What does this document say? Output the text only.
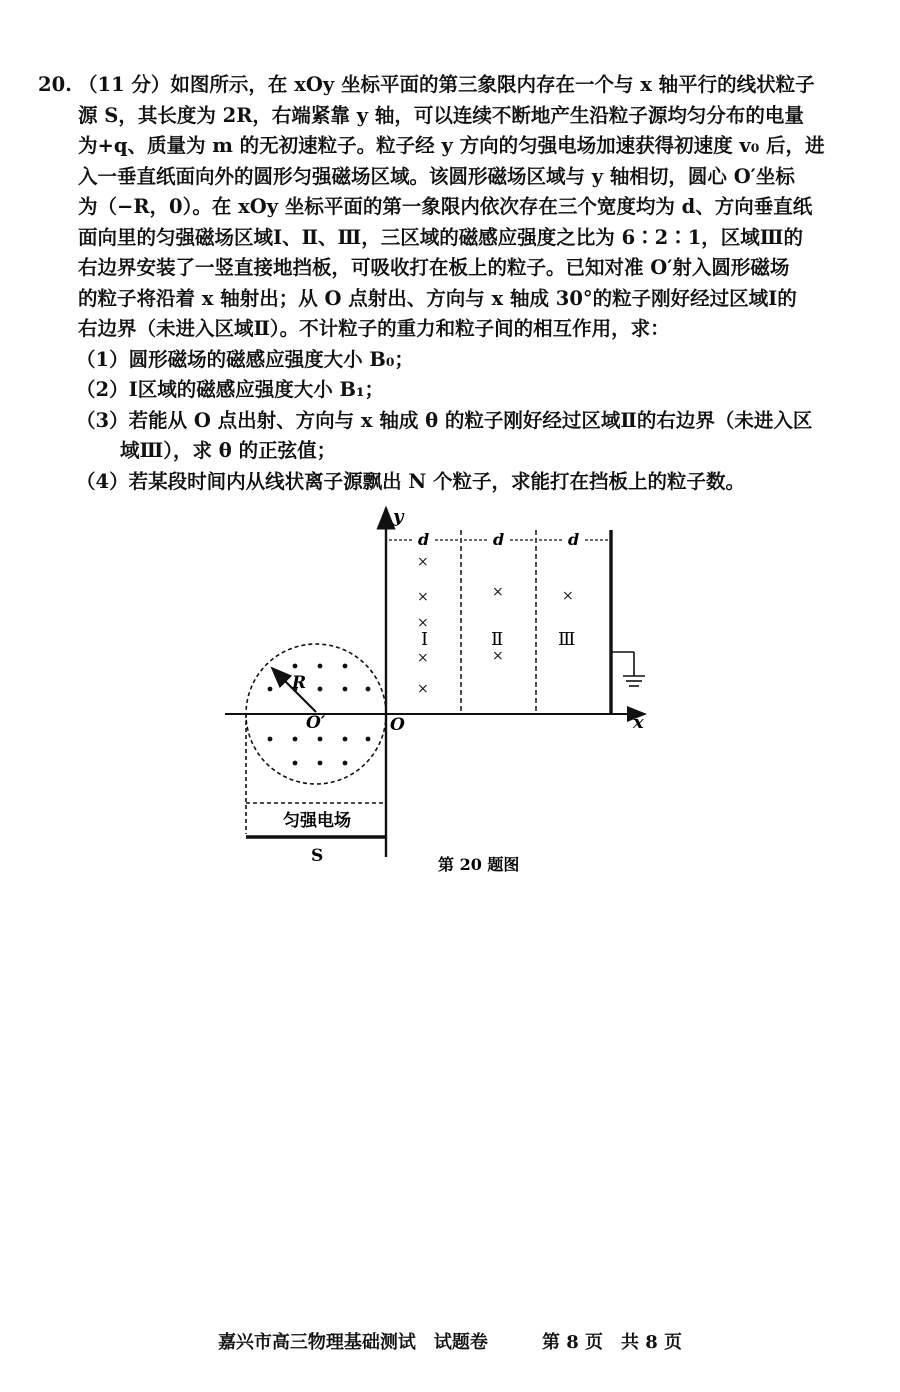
20. （11 分）如图所示，在 xOy 坐标平面的第三象限内存在一个与 x 轴平行的线状粒子
源 S，其长度为 2R，右端紧靠 y 轴，可以连续不断地产生沿粒子源均匀分布的电量
为+q、质量为 m 的无初速粒子。粒子经 y 方向的匀强电场加速获得初速度 v₀ 后，进
入一垂直纸面向外的圆形匀强磁场区域。该圆形磁场区域与 y 轴相切，圆心 O′坐标
为（−R，0）。在 xOy 坐标平面的第一象限内依次存在三个宽度均为 d、方向垂直纸
面向里的匀强磁场区域Ⅰ、Ⅱ、Ⅲ，三区域的磁感应强度之比为 6∶2∶1，区域Ⅲ的
右边界安装了一竖直接地挡板，可吸收打在板上的粒子。已知对准 O′射入圆形磁场
的粒子将沿着 x 轴射出；从 O 点射出、方向与 x 轴成 30°的粒子刚好经过区域Ⅰ的
右边界（未进入区域Ⅱ）。不计粒子的重力和粒子间的相互作用，求：
（1）圆形磁场的磁感应强度大小 B₀；
（2）Ⅰ区域的磁感应强度大小 B₁；
（3）若能从 O 点出射、方向与 x 轴成 θ 的粒子刚好经过区域Ⅱ的右边界（未进入区
域Ⅲ），求 θ 的正弦值；
（4）若某段时间内从线状离子源飘出 N 个粒子，求能打在挡板上的粒子数。
x
y
O
R
O′
匀强电场
S
d	d	d
Ⅰ	Ⅱ	Ⅲ
×
×
×
×
×
×
×
×
第 20 题图
嘉兴市高三物理基础测试　试题卷　　　	第 8 页　共 8 页
